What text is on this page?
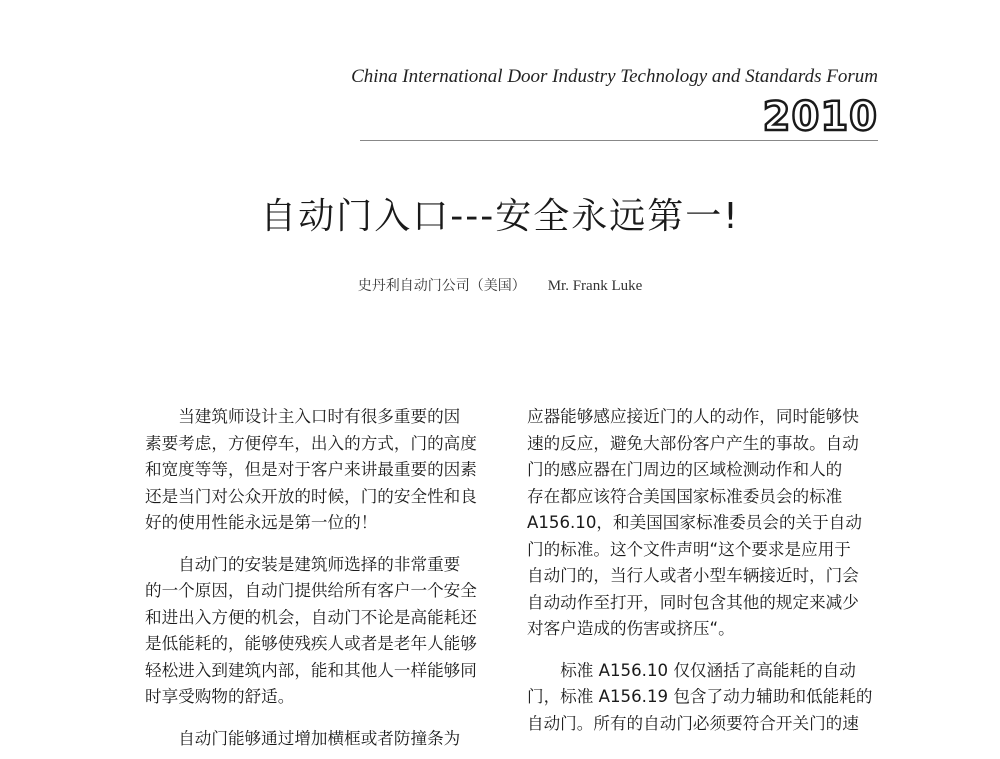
China International Door Industry Technology and Standards Forum
2010
自动门入口---安全永远第一!
史丹利自动门公司（美国） Mr. Frank Luke
当建筑师设计主入口时有很多重要的因
素要考虑，方便停车，出入的方式，门的高度
和宽度等等，但是对于客户来讲最重要的因素
还是当门对公众开放的时候，门的安全性和良
好的使用性能永远是第一位的！
自动门的安装是建筑师选择的非常重要
的一个原因，自动门提供给所有客户一个安全
和进出入方便的机会，自动门不论是高能耗还
是低能耗的，能够使残疾人或者是老年人能够
轻松进入到建筑内部，能和其他人一样能够同
时享受购物的舒适。
自动门能够通过增加横框或者防撞条为
应器能够感应接近门的人的动作，同时能够快
速的反应，避免大部份客户产生的事故。自动
门的感应器在门周边的区域检测动作和人的
存在都应该符合美国国家标准委员会的标准
A156.10，和美国国家标准委员会的关于自动
门的标准。这个文件声明“这个要求是应用于
自动门的，当行人或者小型车辆接近时，门会
自动动作至打开，同时包含其他的规定来减少
对客户造成的伤害或挤压“。
标准 A156.10 仅仅涵括了高能耗的自动
门，标准 A156.19 包含了动力辅助和低能耗的
自动门。所有的自动门必须要符合开关门的速
